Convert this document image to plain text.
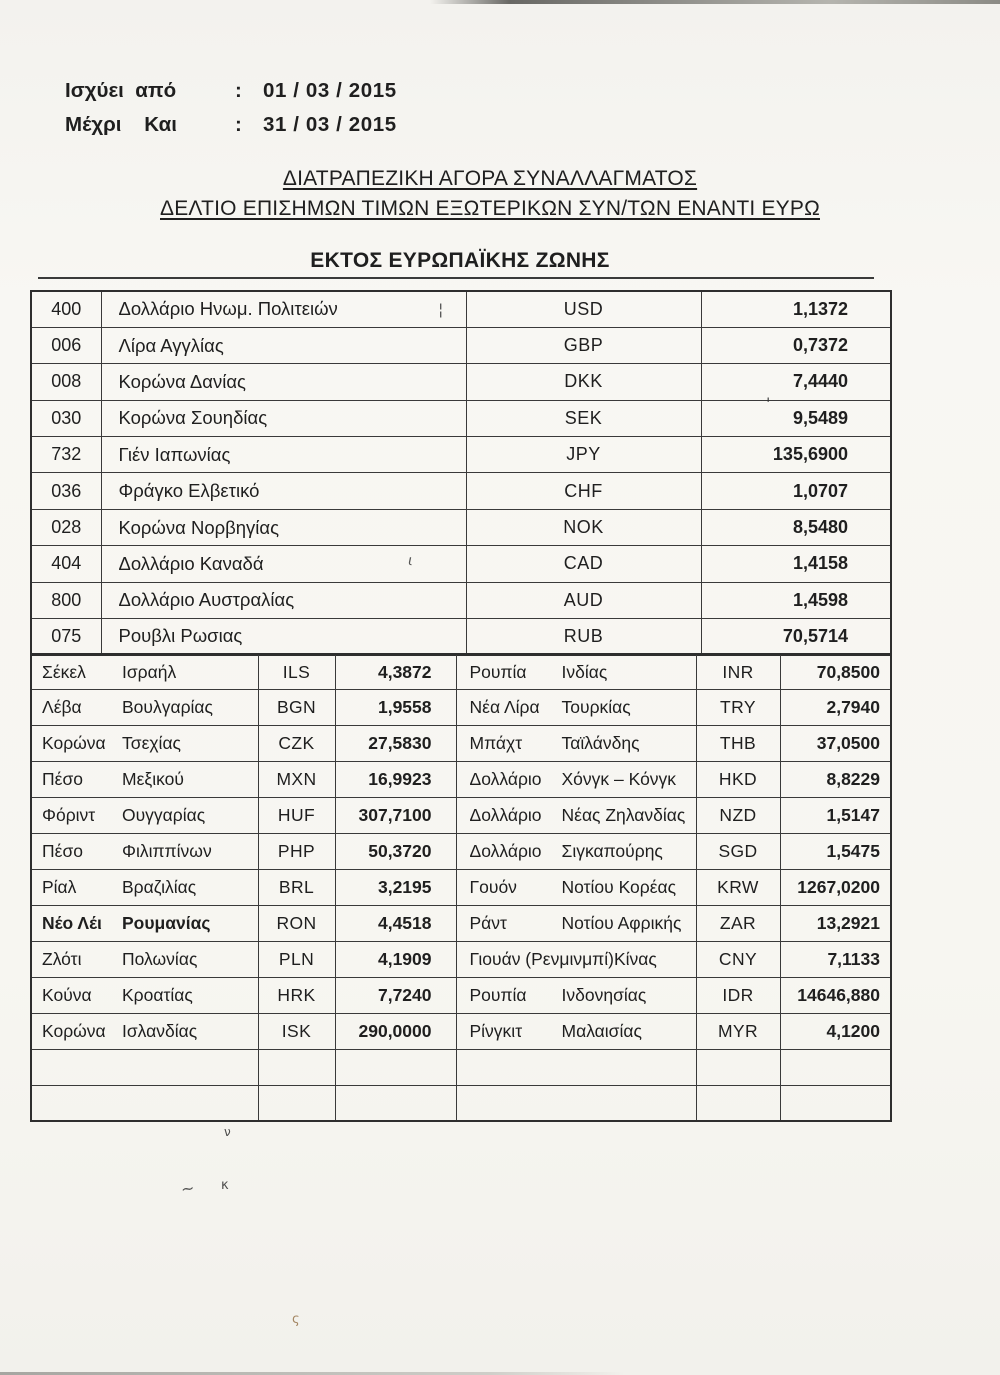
Ισχύει  από	:	01 / 03 / 2015
Μέχρι    Και	:	31 / 03 / 2015
ΔΙΑΤΡΑΠΕΖΙΚΗ ΑΓΟΡΑ ΣΥΝΑΛΛΑΓΜΑΤΟΣ
ΔΕΛΤΙΟ ΕΠΙΣΗΜΩΝ ΤΙΜΩΝ ΕΞΩΤΕΡΙΚΩΝ ΣΥΝ/ΤΩΝ ΕΝΑΝΤΙ ΕΥΡΩ
ΕΚΤΟΣ ΕΥΡΩΠΑΪΚΗΣ ΖΩΝΗΣ
400	Δολλάριο Ηνωμ. Πολιτειών	USD	1,1372
006	Λίρα Αγγλίας	GBP	0,7372
008	Κορώνα Δανίας	DKK	7,4440
030	Κορώνα Σουηδίας	SEK	9,5489
732	Γιέν Ιαπωνίας	JPY	135,6900
036	Φράγκο Ελβετικό	CHF	1,0707
028	Κορώνα Νορβηγίας	NOK	8,5480
404	Δολλάριο Καναδά	CAD	1,4158
800	Δολλάριο Αυστραλίας	AUD	1,4598
075	Ρουβλι Ρωσιας	RUB	70,5714
Σέκελ Ισραήλ	ILS	4,3872	Ρουπία Ινδίας	INR	70,8500
Λέβα Βουλγαρίας	BGN	1,9558	Νέα Λίρα Τουρκίας	TRY	2,7940
Κορώνα Τσεχίας	CZK	27,5830	Μπάχτ Ταϊλάνδης	THB	37,0500
Πέσο Μεξικού	MXN	16,9923	Δολλάριο Χόνγκ – Κόνγκ	HKD	8,8229
Φόριντ Ουγγαρίας	HUF	307,7100	Δολλάριο Νέας Ζηλανδίας	NZD	1,5147
Πέσο Φιλιππίνων	PHP	50,3720	Δολλάριο Σιγκαπούρης	SGD	1,5475
Ρίαλ Βραζιλίας	BRL	3,2195	Γουόν Νοτίου Κορέας	KRW	1267,0200
Νέο Λέι Ρουμανίας	RON	4,4518	Ράντ Νοτίου Αφρικής	ZAR	13,2921
Ζλότι Πολωνίας	PLN	4,1909	Γιουάν (Ρενμινμπί)Κίνας	CNY	7,1133
Κούνα Κροατίας	HRK	7,7240	Ρουπία Ινδονησίας	IDR	14646,880
Κορώνα Ισλανδίας	ISK	290,0000	Ρίνγκιτ Μαλαισίας	MYR	4,1200

¦
'
ι
ν
~ κ
ς
